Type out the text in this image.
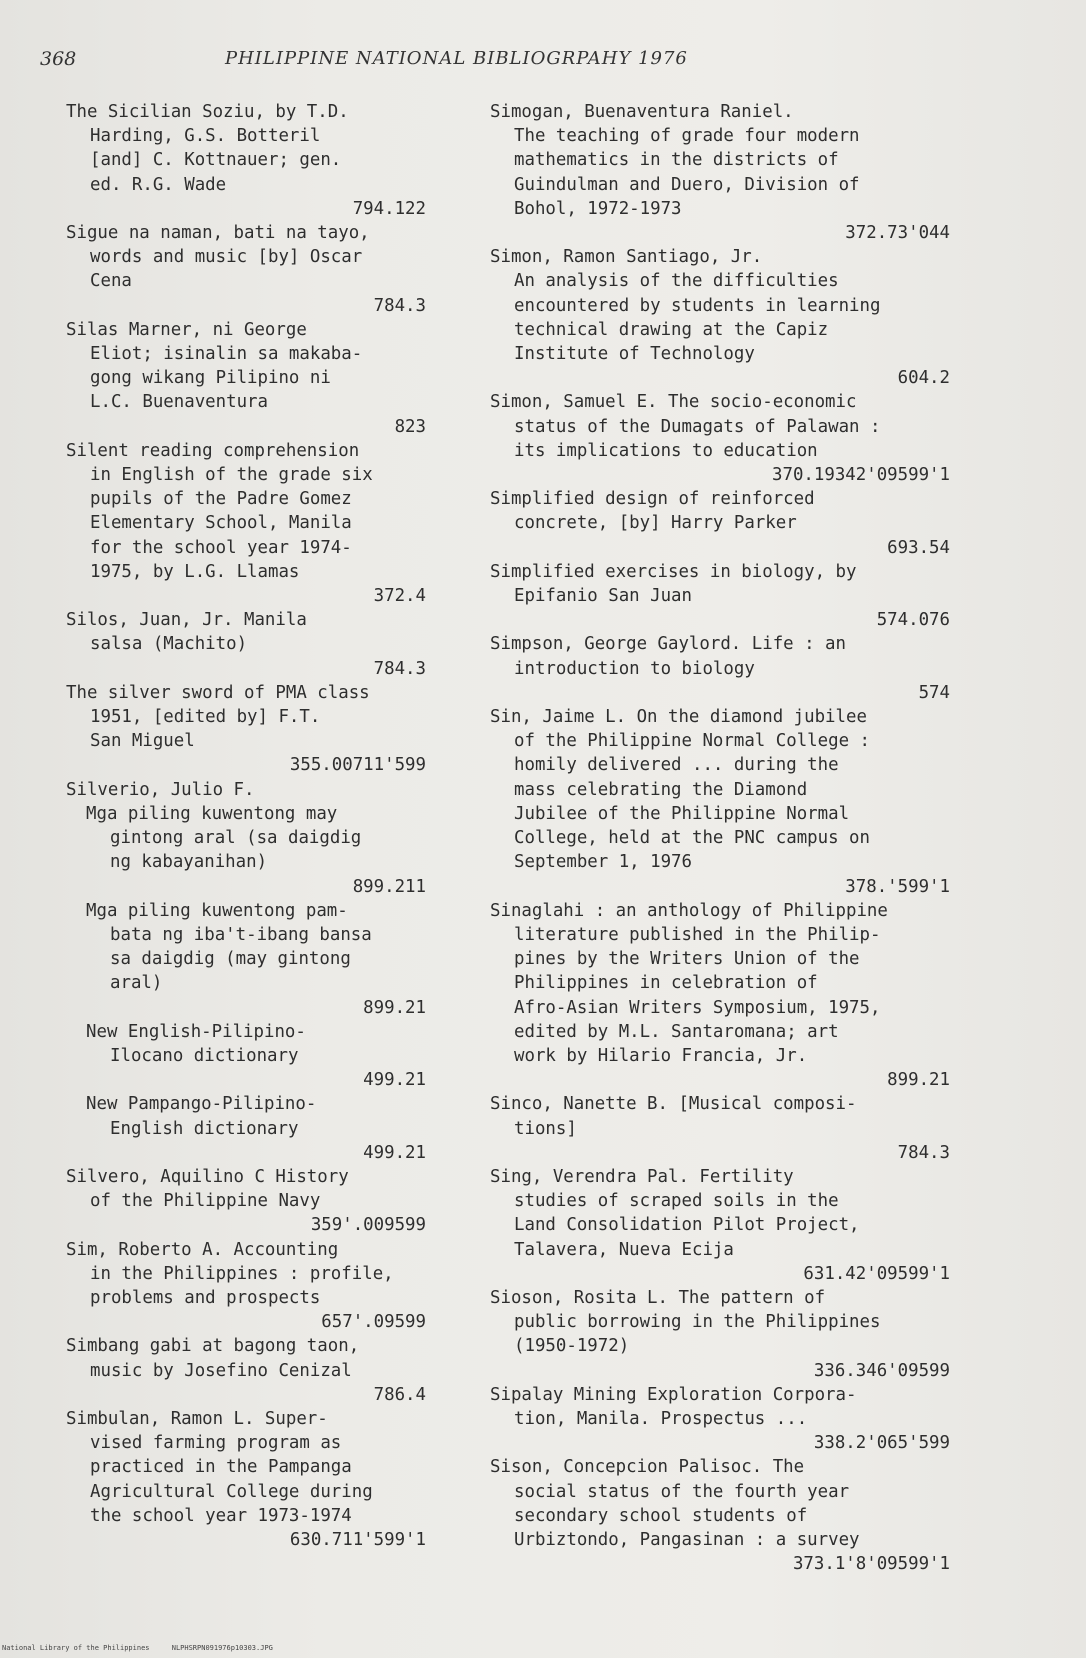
368	PHILIPPINE NATIONAL BIBLIOGRPAHY 1976
The Sicilian Soziu, by T.D.
Harding, G.S. Botteril
[and] C. Kottnauer; gen.
ed. R.G. Wade
794.122
Sigue na naman, bati na tayo,
words and music [by] Oscar
Cena
784.3
Silas Marner, ni George
Eliot; isinalin sa makaba-
gong wikang Pilipino ni
L.C. Buenaventura
823
Silent reading comprehension
in English of the grade six
pupils of the Padre Gomez
Elementary School, Manila
for the school year 1974-
1975, by L.G. Llamas
372.4
Silos, Juan, Jr. Manila
salsa (Machito)
784.3
The silver sword of PMA class
1951, [edited by] F.T.
San Miguel
355.00711'599
Silverio, Julio F.
Mga piling kuwentong may
gintong aral (sa daigdig
ng kabayanihan)
899.211
Mga piling kuwentong pam-
bata ng iba't-ibang bansa
sa daigdig (may gintong
aral)
899.21
New English-Pilipino-
Ilocano dictionary
499.21
New Pampango-Pilipino-
English dictionary
499.21
Silvero, Aquilino C History
of the Philippine Navy
359'.009599
Sim, Roberto A. Accounting
in the Philippines : profile,
problems and prospects
657'.09599
Simbang gabi at bagong taon,
music by Josefino Cenizal
786.4
Simbulan, Ramon L. Super-
vised farming program as
practiced in the Pampanga
Agricultural College during
the school year 1973-1974
630.711'599'1
Simogan, Buenaventura Raniel.
The teaching of grade four modern
mathematics in the districts of
Guindulman and Duero, Division of
Bohol, 1972-1973
372.73'044
Simon, Ramon Santiago, Jr.
An analysis of the difficulties
encountered by students in learning
technical drawing at the Capiz
Institute of Technology
604.2
Simon, Samuel E. The socio-economic
status of the Dumagats of Palawan :
its implications to education
370.19342'09599'1
Simplified design of reinforced
concrete, [by] Harry Parker
693.54
Simplified exercises in biology, by
Epifanio San Juan
574.076
Simpson, George Gaylord. Life : an
introduction to biology
574
Sin, Jaime L. On the diamond jubilee
of the Philippine Normal College :
homily delivered ... during the
mass celebrating the Diamond
Jubilee of the Philippine Normal
College, held at the PNC campus on
September 1, 1976
378.'599'1
Sinaglahi : an anthology of Philippine
literature published in the Philip-
pines by the Writers Union of the
Philippines in celebration of
Afro-Asian Writers Symposium, 1975,
edited by M.L. Santaromana; art
work by Hilario Francia, Jr.
899.21
Sinco, Nanette B. [Musical composi-
tions]
784.3
Sing, Verendra Pal. Fertility
studies of scraped soils in the
Land Consolidation Pilot Project,
Talavera, Nueva Ecija
631.42'09599'1
Sioson, Rosita L. The pattern of
public borrowing in the Philippines
(1950-1972)
336.346'09599
Sipalay Mining Exploration Corpora-
tion, Manila. Prospectus ...
338.2'065'599
Sison, Concepcion Palisoc. The
social status of the fourth year
secondary school students of
Urbiztondo, Pangasinan : a survey
373.1'8'09599'1
National Library of the Philippines	NLPHSRPN091976p10303.JPG
